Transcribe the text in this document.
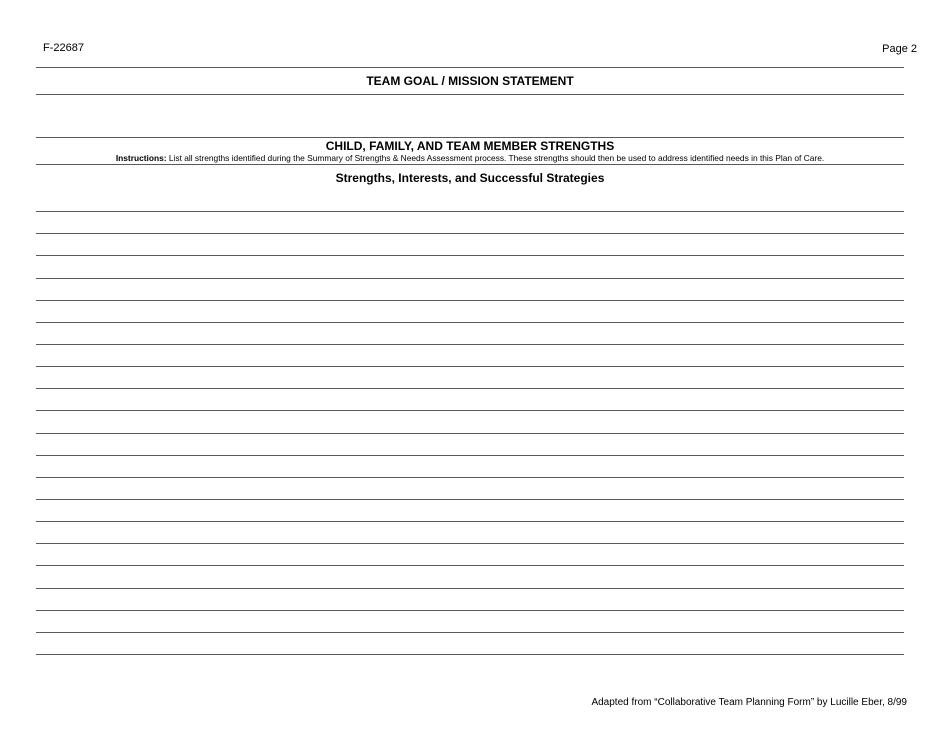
F-22687	Page 2
TEAM GOAL / MISSION STATEMENT
CHILD, FAMILY, AND TEAM MEMBER STRENGTHS
Instructions: List all strengths identified during the Summary of Strengths & Needs Assessment process. These strengths should then be used to address identified needs in this Plan of Care.
Strengths, Interests, and Successful Strategies
Adapted from “Collaborative Team Planning Form” by Lucille Eber, 8/99
